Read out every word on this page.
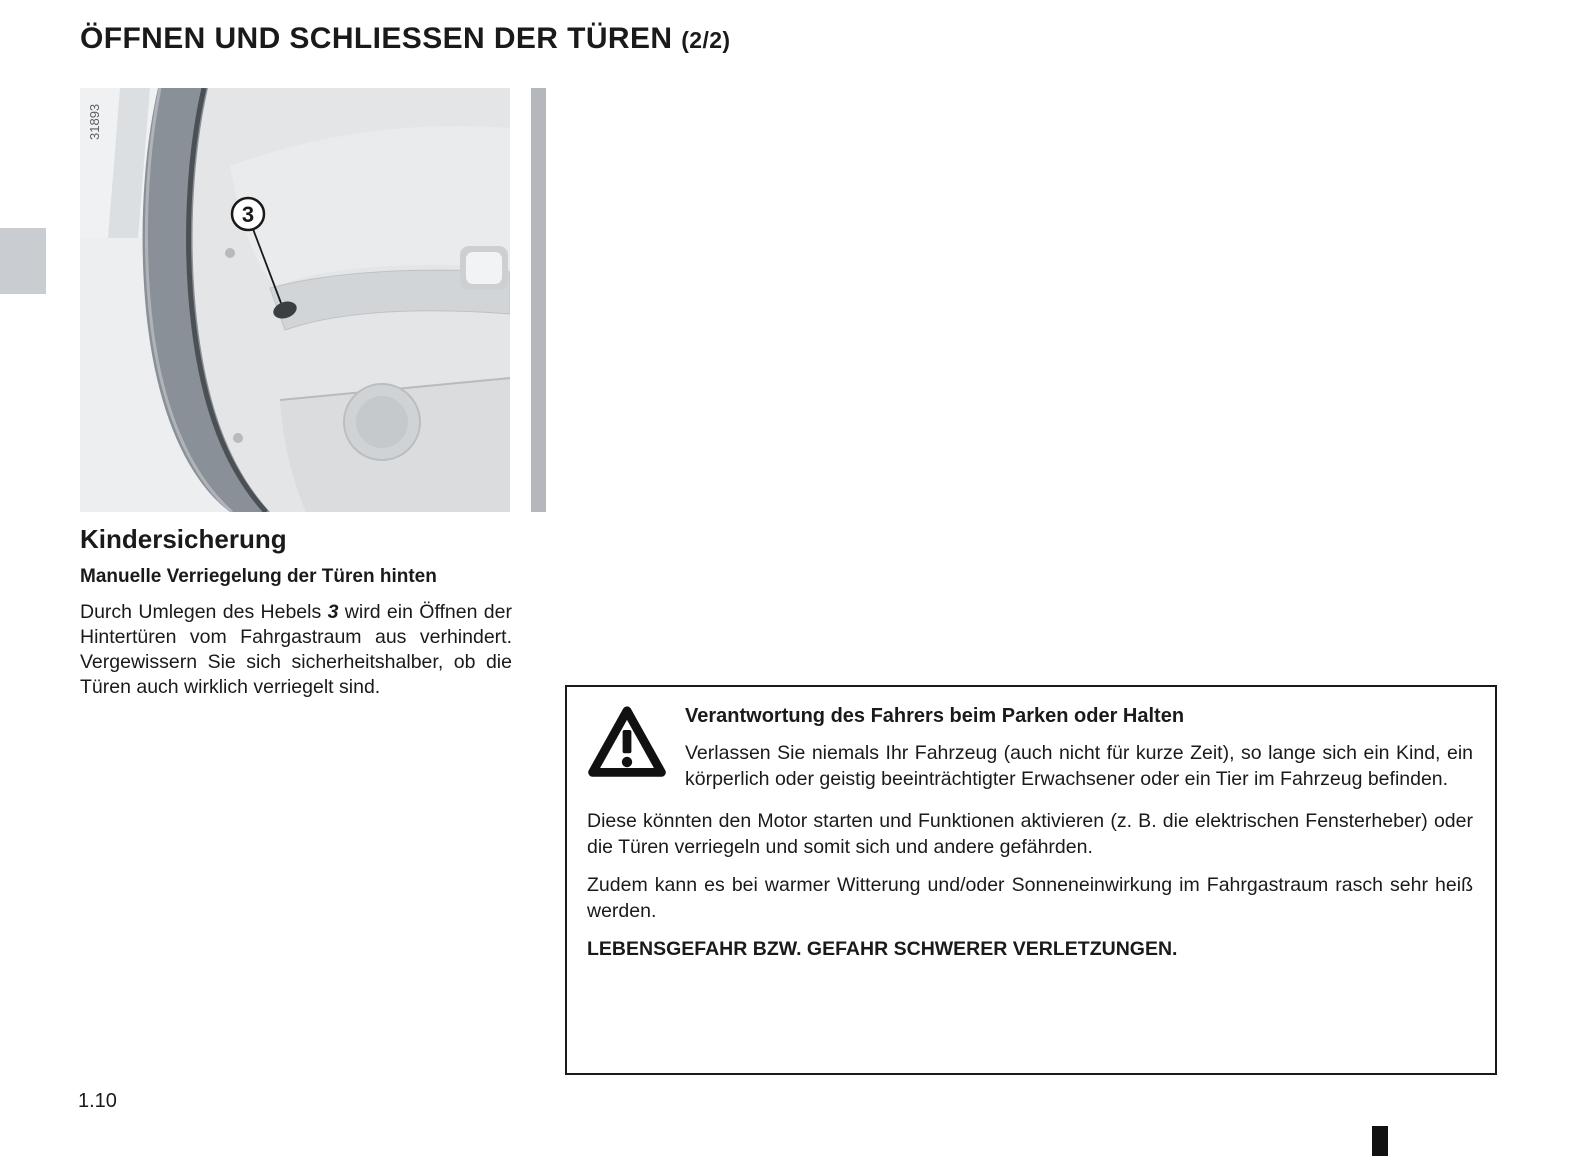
ÖFFNEN UND SCHLIESSEN DER TÜREN (2/2)
3
31893
Kindersicherung
Manuelle Verriegelung der Türen hinten
Durch Umlegen des Hebels 3 wird ein Öffnen der Hintertüren vom Fahrgastraum aus verhindert. Vergewissern Sie sich sicherheitshalber, ob die Türen auch wirklich verriegelt sind.
Verantwortung des Fahrers beim Parken oder Halten

Verlassen Sie niemals Ihr Fahrzeug (auch nicht für kurze Zeit), so lange sich ein Kind, ein körperlich oder geistig beeinträchtigter Erwachsener oder ein Tier im Fahrzeug befinden.

Diese könnten den Motor starten und Funktionen aktivieren (z. B. die elektrischen Fensterheber) oder die Türen verriegeln und somit sich und andere gefährden.

Zudem kann es bei warmer Witterung und/oder Sonneneinwirkung im Fahrgastraum rasch sehr heiß werden.

LEBENSGEFAHR BZW. GEFAHR SCHWERER VERLETZUNGEN.

1.10
